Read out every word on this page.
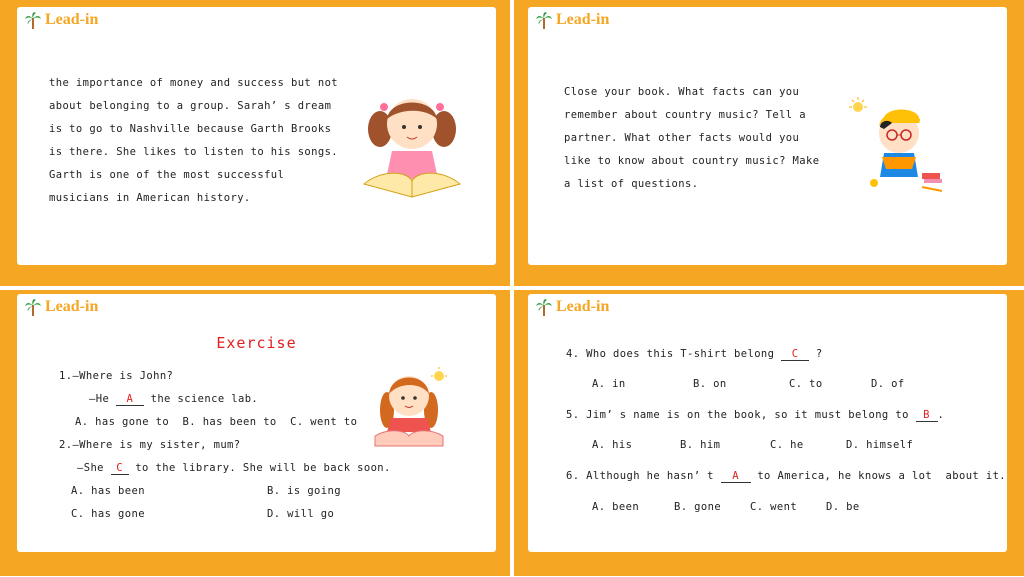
Lead-in
the importance of money and success but not
about belonging to a group. Sarah’ s dream
is to go to Nashville because Garth Brooks
is there. She likes to listen to his songs.
Garth is one of the most successful
musicians in American history.
Lead-in
Close your book. What facts can you
remember about country music? Tell a
partner. What other facts would you
like to know about country music? Make
a list of questions.
Lead-in
Exercise
1.—Where is John?
—He A the science lab.
A. has gone to  B. has been to  C. went to
2.—Where is my sister, mum?
—She C to the library. She will be back soon.
A. has been	B. is going
C. has gone	D. will go
Lead-in
4. Who does this T-shirt belong C ?
A. in	B. on	C. to	D. of
5. Jim’ s name is on the book, so it must belong to B .
A. his	B. him	C. he	D. himself
6. Although he hasn’ t A to America, he knows a lot  about it.
A. been	B. gone	C. went	D. be
